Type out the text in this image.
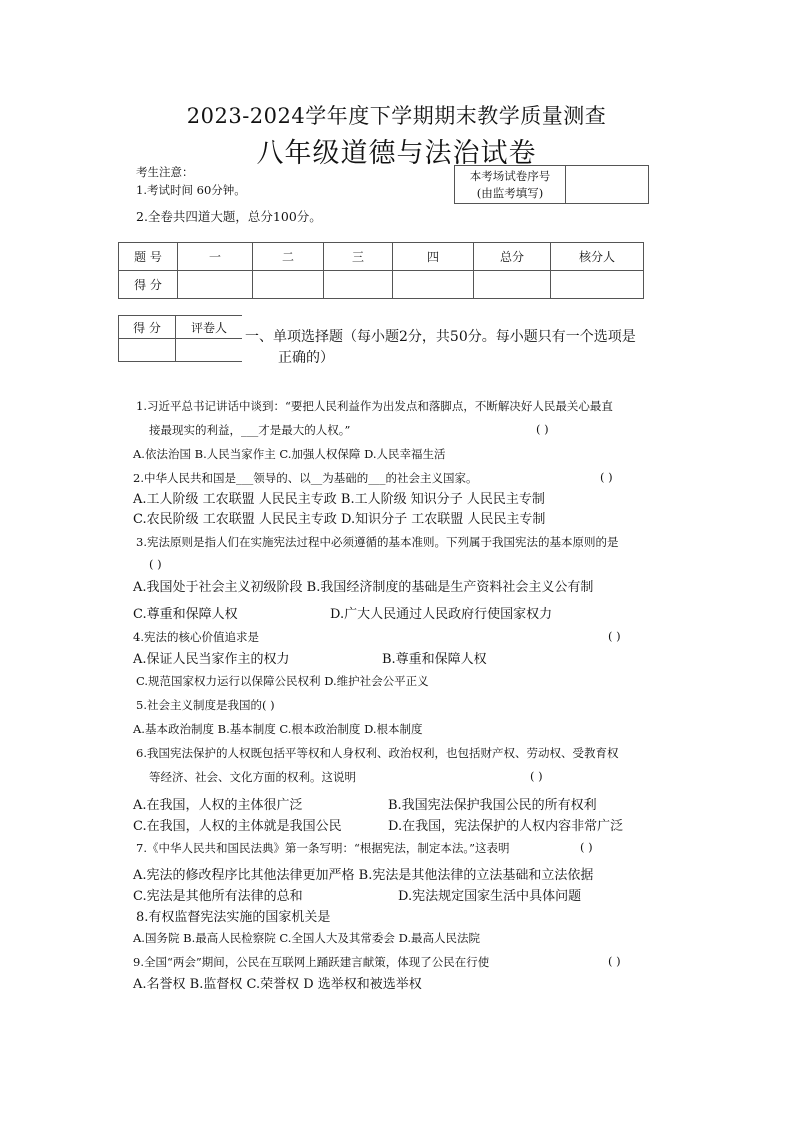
2023-2024学年度下学期期末教学质量测查
八年级道德与法治试卷
考生注意：
1.考试时间 60分钟。
2.全卷共四道大题，总分100分。
本考场试卷序号
(由监考填写)

题 号	一	二	三	四	总分	核分人
得 分						
得 分	评卷人

一、单项选择题（每小题2分，共50分。每小题只有一个选项是
正确的）
1.习近平总书记讲话中谈到：“要把人民利益作为出发点和落脚点，不断解决好人民最关心最直
接最现实的利益，___才是最大的人权。”	( )
A.依法治国 B.人民当家作主 C.加强人权保障 D.人民幸福生活
2.中华人民共和国是___领导的、以__为基础的___的社会主义国家。	( )
A.工人阶级 工农联盟 人民民主专政 B.工人阶级 知识分子 人民民主专制
C.农民阶级 工农联盟 人民民主专政 D.知识分子 工农联盟 人民民主专制
3.宪法原则是指人们在实施宪法过程中必须遵循的基本准则。下列属于我国宪法的基本原则的是
( )
A.我国处于社会主义初级阶段 B.我国经济制度的基础是生产资料社会主义公有制
C.尊重和保障人权	D.广大人民通过人民政府行使国家权力
4.宪法的核心价值追求是	( )
A.保证人民当家作主的权力	B.尊重和保障人权
C.规范国家权力运行以保障公民权利 D.维护社会公平正义
5.社会主义制度是我国的( )
A.基本政治制度 B.基本制度 C.根本政治制度 D.根本制度
6.我国宪法保护的人权既包括平等权和人身权利、政治权利，也包括财产权、劳动权、受教育权
等经济、社会、文化方面的权利。这说明	( )
A.在我国，人权的主体很广泛	B.我国宪法保护我国公民的所有权利
C.在我国，人权的主体就是我国公民	D.在我国，宪法保护的人权内容非常广泛
7.《中华人民共和国民法典》第一条写明：“根据宪法，制定本法。”这表明	( )
A.宪法的修改程序比其他法律更加严格 B.宪法是其他法律的立法基础和立法依据
C.宪法是其他所有法律的总和	D.宪法规定国家生活中具体问题
8.有权监督宪法实施的国家机关是
A.国务院 B.最高人民检察院 C.全国人大及其常委会 D.最高人民法院
9.全国“两会”期间，公民在互联网上踊跃建言献策，体现了公民在行使	( )
A.名誉权 B.监督权 C.荣誉权 D 选举权和被选举权
